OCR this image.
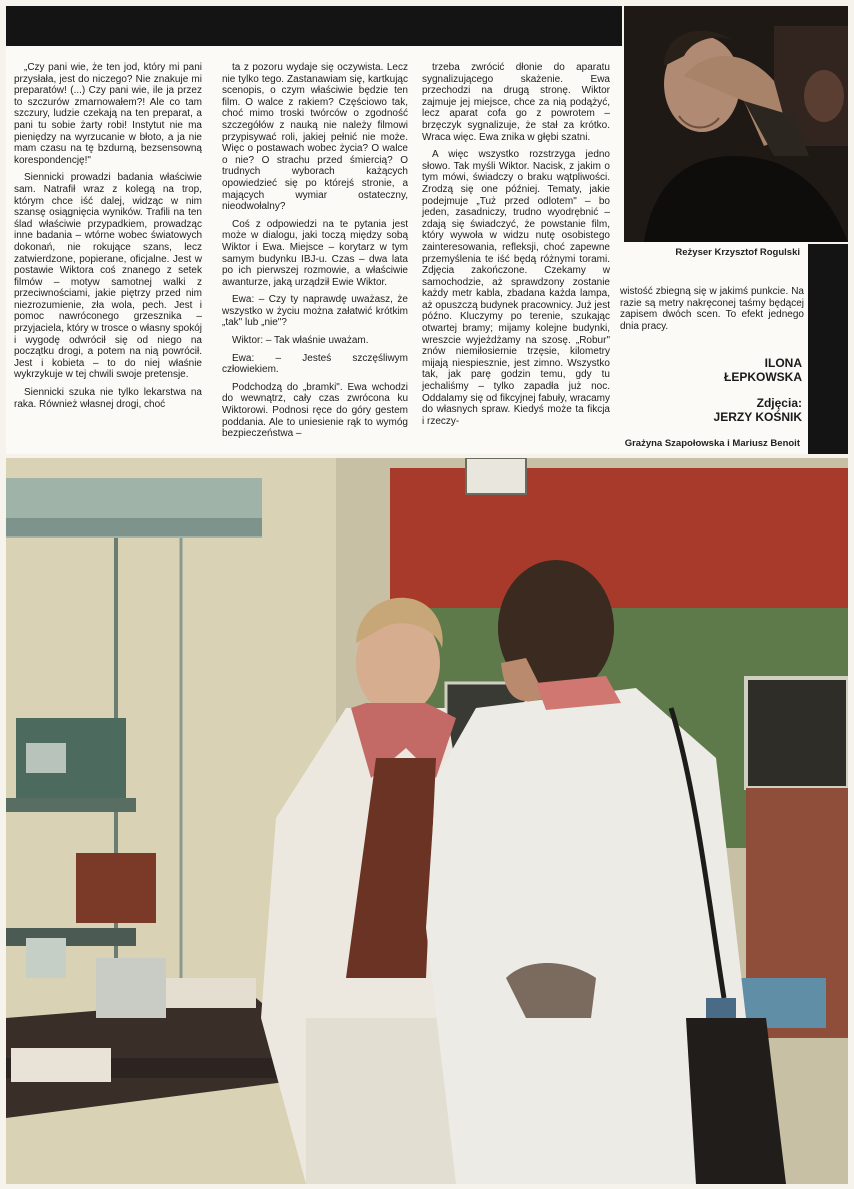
„Czy pani wie, że ten jod, który mi pani przysłała, jest do niczego? Nie znakuje mi preparatów! (...) Czy pani wie, ile ja przez to szczurów zmarnowałem?! Ale co tam szczury, ludzie czekają na ten preparat, a pani tu sobie żarty robi! Instytut nie ma pieniędzy na wyrzucanie w błoto, a ja nie mam czasu na tę bzdurną, bezsensowną korespondencję!"

Siennicki prowadzi badania właściwie sam. Natrafił wraz z kolegą na trop, którym chce iść dalej, widząc w nim szansę osiągnięcia wyników. Trafili na ten ślad właściwie przypadkiem, prowadząc inne badania – wtórne wobec światowych dokonań, nie rokujące szans, lecz zatwierdzone, popierane, oficjalne. Jest w postawie Wiktora coś znanego z setek filmów – motyw samotnej walki z przeciwnościami, jakie piętrzy przed nim niezrozumienie, zła wola, pech. Jest i pomoc nawróconego grzesznika – przyjaciela, który w trosce o własny spokój i wygodę odwrócił się od niego na początku drogi, a potem na nią powrócił. Jest i kobieta – to do niej właśnie wykrzykuje w tej chwili swoje pretensje.

Siennicki szuka nie tylko lekarstwa na raka. Również własnej drogi, choć

ta z pozoru wydaje się oczywista. Lecz nie tylko tego. Zastanawiam się, kartkując scenopis, o czym właściwie będzie ten film. O walce z rakiem? Częściowo tak, choć mimo troski twórców o zgodność szczegółów z nauką nie należy filmowi przypisywać roli, jakiej pełnić nie może. Więc o postawach wobec życia? O walce o nie? O strachu przed śmiercią? O trudnych wyborach każących opowiedzieć się po którejś stronie, a mających wymiar ostateczny, nieodwołalny?

Coś z odpowiedzi na te pytania jest może w dialogu, jaki toczą między sobą Wiktor i Ewa. Miejsce – korytarz w tym samym budynku IBJ-u. Czas – dwa lata po ich pierwszej rozmowie, a właściwie awanturze, jaką urządził Ewie Wiktor.

Ewa: – Czy ty naprawdę uważasz, że wszystko w życiu można załatwić krótkim „tak" lub „nie"?

Wiktor: – Tak właśnie uważam.

Ewa: – Jesteś szczęśliwym człowiekiem.

Podchodzą do „bramki". Ewa wchodzi do wewnątrz, cały czas zwrócona ku Wiktorowi. Podnosi ręce do góry gestem poddania. Ale to uniesienie rąk to wymóg bezpieczeństwa –

trzeba zwrócić dłonie do aparatu sygnalizującego skażenie. Ewa przechodzi na drugą stronę. Wiktor zajmuje jej miejsce, chce za nią podążyć, lecz aparat cofa go z powrotem – brzęczyk sygnalizuje, że stał za krótko. Wraca więc. Ewa znika w głębi szatni.

A więc wszystko rozstrzyga jedno słowo. Tak myśli Wiktor. Nacisk, z jakim o tym mówi, świadczy o braku wątpliwości. Zrodzą się one później. Tematy, jakie podejmuje „Tuż przed odlotem" – bo jeden, zasadniczy, trudno wyodrębnić – zdają się świadczyć, że powstanie film, który wywoła w widzu nutę osobistego zainteresowania, refleksji, choć zapewne przemyślenia te iść będą różnymi torami. Zdjęcia zakończone. Czekamy w samochodzie, aż sprawdzony zostanie każdy metr kabla, zbadana każda lampa, aż opuszczą budynek pracownicy. Już jest późno. Kluczymy po terenie, szukając otwartej bramy; mijamy kolejne budynki, wreszcie wyjeżdżamy na szosę. „Robur" znów niemiłosiernie trzęsie, kilometry mijają niespiesznie, jest zimno. Wszystko tak, jak parę godzin temu, gdy tu jechaliśmy – tylko zapadła już noc. Oddalamy się od fikcyjnej fabuły, wracamy do własnych spraw. Kiedyś może ta fikcja i rzeczy-

wistość zbiegną się w jakimś punkcie. Na razie są metry nakręconej taśmy będącej zapisem dwóch scen. To efekt jednego dnia pracy.

ILONA
ŁEPKOWSKA
Zdjęcia:
JERZY KOŚNIK
Reżyser Krzysztof Rogulski
Grażyna Szapołowska i Mariusz Benoit
